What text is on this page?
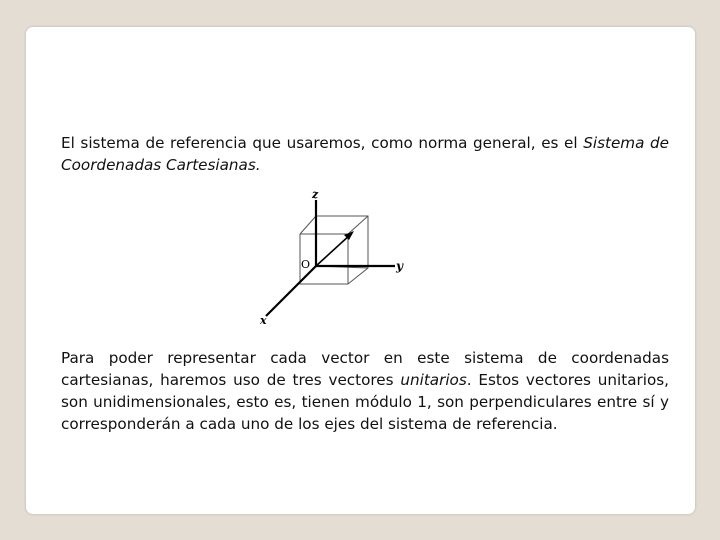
El sistema de referencia que usaremos, como norma general, es el Sistema de Coordenadas Cartesianas.

z
y
x
O

Para poder representar cada vector en este sistema de coordenadas cartesianas, haremos uso de tres vectores unitarios. Estos vectores unitarios, son unidimensionales, esto es, tienen módulo 1, son perpendiculares entre sí y corresponderán a cada uno de los ejes del sistema de referencia.
